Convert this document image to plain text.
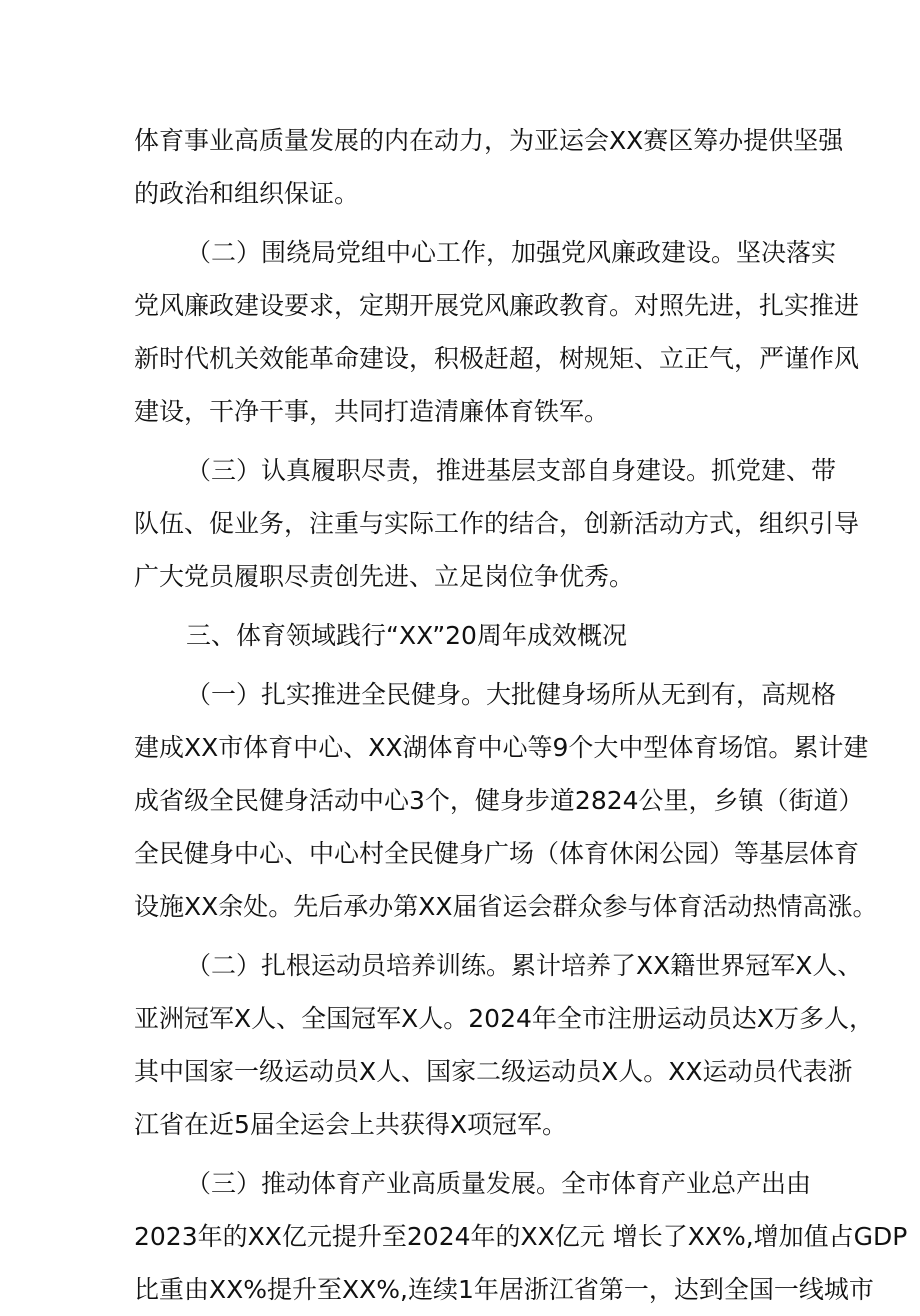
体育事业高质量发展的内在动力，为亚运会XX赛区筹办提供坚强
的政治和组织保证。
（二）围绕局党组中心工作，加强党风廉政建设。坚决落实
党风廉政建设要求，定期开展党风廉政教育。对照先进，扎实推进
新时代机关效能革命建设，积极赶超，树规矩、立正气，严谨作风
建设，干净干事，共同打造清廉体育铁军。
（三）认真履职尽责，推进基层支部自身建设。抓党建、带
队伍、促业务，注重与实际工作的结合，创新活动方式，组织引导
广大党员履职尽责创先进、立足岗位争优秀。
三、体育领域践行“XX”20周年成效概况
（一）扎实推进全民健身。大批健身场所从无到有，高规格
建成XX市体育中心、XX湖体育中心等9个大中型体育场馆。累计建
成省级全民健身活动中心3个，健身步道2824公里，乡镇（街道）
全民健身中心、中心村全民健身广场（体育休闲公园）等基层体育
设施XX余处。先后承办第XX届省运会群众参与体育活动热情高涨。
（二）扎根运动员培养训练。累计培养了XX籍世界冠军X人、
亚洲冠军X人、全国冠军X人。2024年全市注册运动员达X万多人，
其中国家一级运动员X人、国家二级运动员X人。XX运动员代表浙
江省在近5届全运会上共获得X项冠军。
（三）推动体育产业高质量发展。全市体育产业总产出由
2023年的XX亿元提升至2024年的XX亿元 增长了XX%,增加值占GDP
比重由XX%提升至XX%,连续1年居浙江省第一，达到全国一线城市
